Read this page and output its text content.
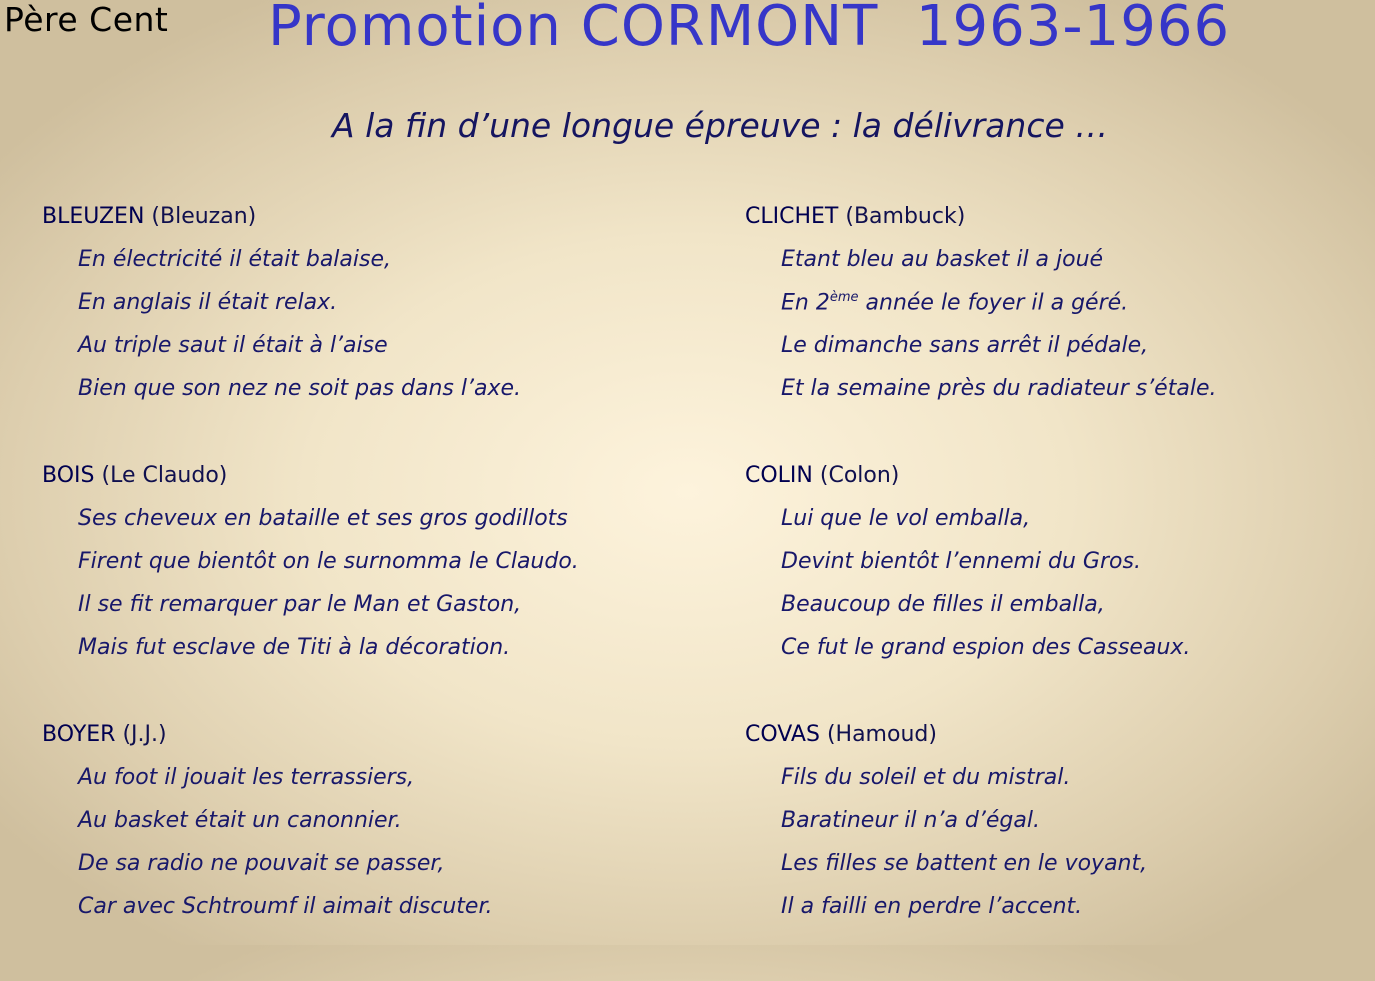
Père Cent Promotion CORMONT  1963-1966
A la fin d’une longue épreuve : la délivrance …
BLEUZEN (Bleuzan)
En électricité il était balaise,
En anglais il était relax.
Au triple saut il était à l’aise
Bien que son nez ne soit pas dans l’axe.
BOIS (Le Claudo)
Ses cheveux en bataille et ses gros godillots
Firent que bientôt on le surnomma le Claudo.
Il se fit remarquer par le Man et Gaston,
Mais fut esclave de Titi à la décoration.
BOYER (J.J.)
Au foot il jouait les terrassiers,
Au basket était un canonnier.
De sa radio ne pouvait se passer,
Car avec Schtroumf il aimait discuter.
CLICHET (Bambuck)
Etant bleu au basket il a joué
En 2ème année le foyer il a géré.
Le dimanche sans arrêt il pédale,
Et la semaine près du radiateur s’étale.
COLIN (Colon)
Lui que le vol emballa,
Devint bientôt l’ennemi du Gros.
Beaucoup de filles il emballa,
Ce fut le grand espion des Casseaux.
COVAS (Hamoud)
Fils du soleil et du mistral.
Baratineur il n’a d’égal.
Les filles se battent en le voyant,
Il a failli en perdre l’accent.
